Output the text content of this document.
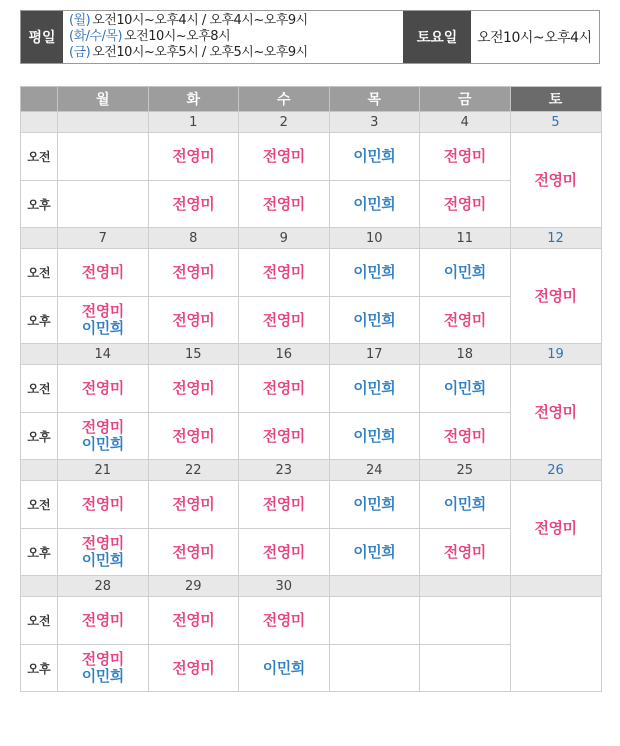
평일
(월) 오전10시~오후4시 / 오후4시~오후9시
(화/수/목) 오전10시~오후8시
(금) 오전10시~오후5시 / 오후5시~오후9시
토요일	오전10시~오후4시
	월	화	수	목	금	토
		1	2	3	4	5
오전		전영미	전영미	이민희	전영미	전영미

오후		전영미	전영미	이민희	전영미	

	7	8	9	10	11	12
오전	전영미	전영미	전영미	이민희	이민희	전영미

오후	전영미
이민희	전영미	전영미	이민희	전영미	

	14	15	16	17	18	19
오전	전영미	전영미	전영미	이민희	이민희	전영미

오후	전영미
이민희	전영미	전영미	이민희	전영미	

	21	22	23	24	25	26
오전	전영미	전영미	전영미	이민희	이민희	전영미

오후	전영미
이민희	전영미	전영미	이민희	전영미	

	28	29	30			
오전	전영미	전영미	전영미			

오후	전영미
이민희	전영미	이민희			
